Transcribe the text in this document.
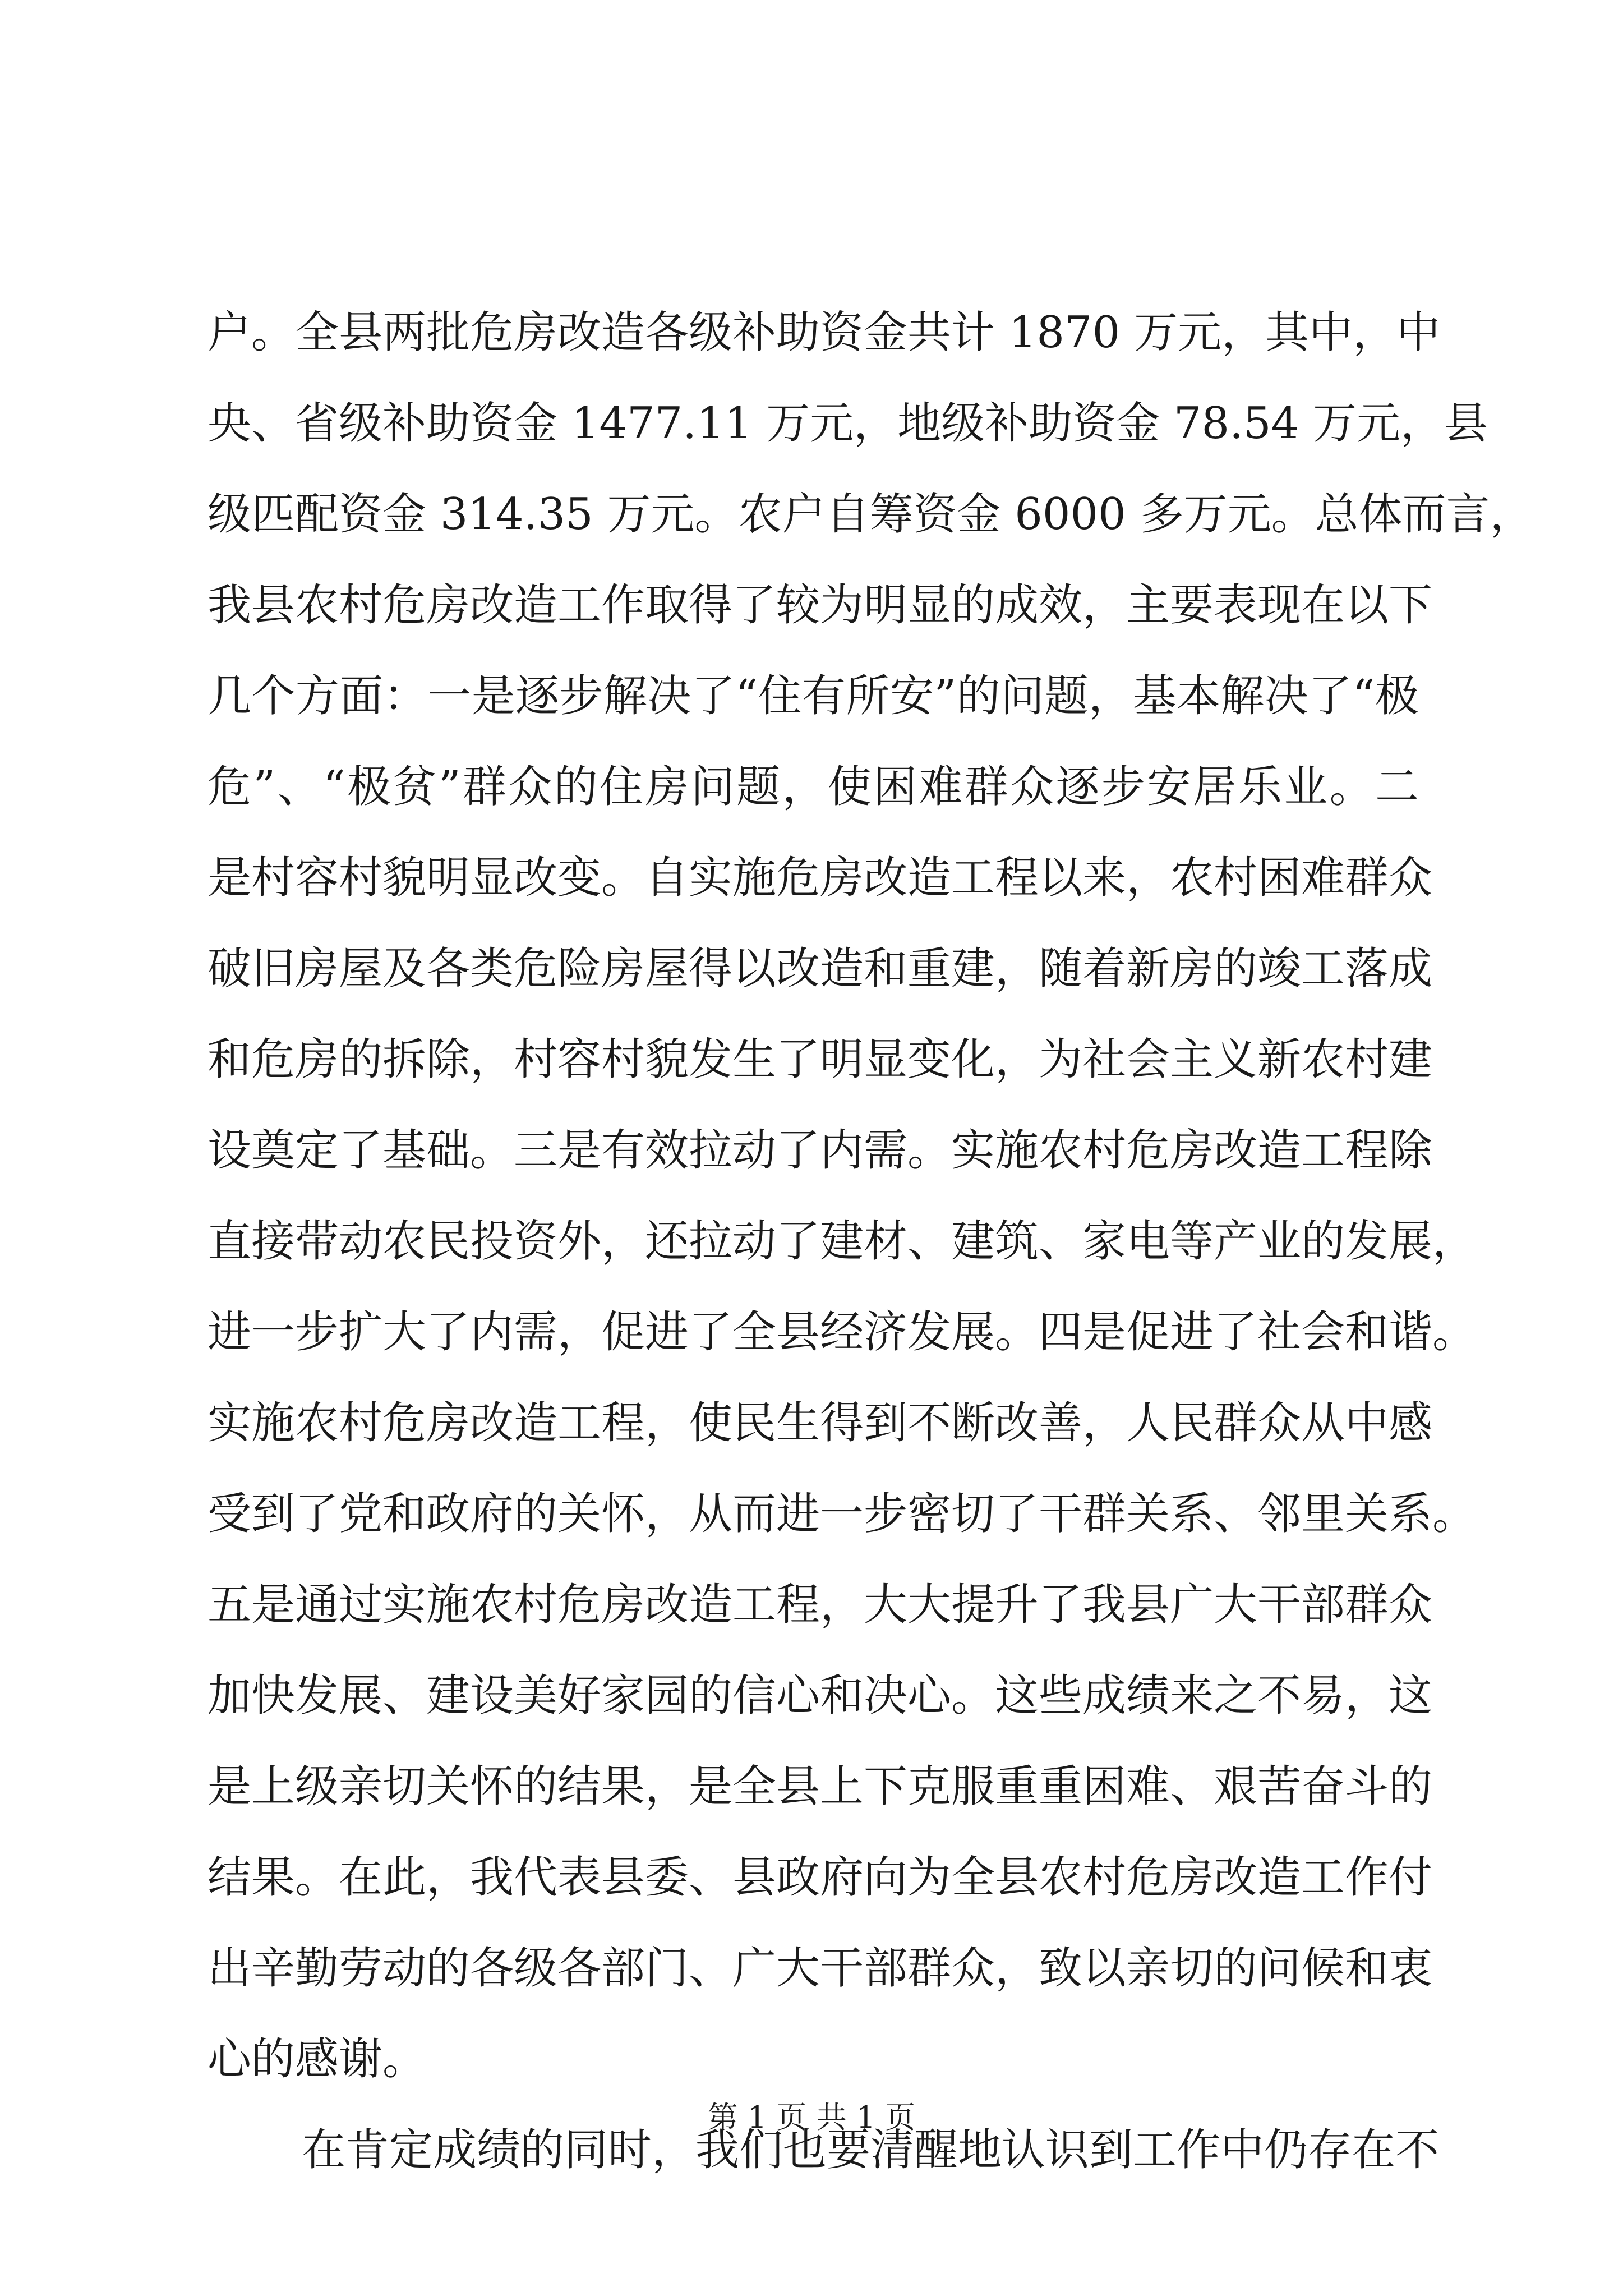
户。全县两批危房改造各级补助资金共计 1870 万元，其中，中
央、省级补助资金 1477.11 万元，地级补助资金 78.54 万元，县
级匹配资金 314.35 万元。农户自筹资金 6000 多万元。总体而言，
我县农村危房改造工作取得了较为明显的成效，主要表现在以下
几个方面：一是逐步解决了“住有所安”的问题，基本解决了“极
危”、“极贫”群众的住房问题，使困难群众逐步安居乐业。二
是村容村貌明显改变。自实施危房改造工程以来，农村困难群众
破旧房屋及各类危险房屋得以改造和重建，随着新房的竣工落成
和危房的拆除，村容村貌发生了明显变化，为社会主义新农村建
设奠定了基础。三是有效拉动了内需。实施农村危房改造工程除
直接带动农民投资外，还拉动了建材、建筑、家电等产业的发展，
进一步扩大了内需，促进了全县经济发展。四是促进了社会和谐。
实施农村危房改造工程，使民生得到不断改善，人民群众从中感
受到了党和政府的关怀，从而进一步密切了干群关系、邻里关系。
五是通过实施农村危房改造工程，大大提升了我县广大干部群众
加快发展、建设美好家园的信心和决心。这些成绩来之不易，这
是上级亲切关怀的结果，是全县上下克服重重困难、艰苦奋斗的
结果。在此，我代表县委、县政府向为全县农村危房改造工作付
出辛勤劳动的各级各部门、广大干部群众，致以亲切的问候和衷
心的感谢。
在肯定成绩的同时，我们也要清醒地认识到工作中仍存在不
第 1 页 共 1 页
